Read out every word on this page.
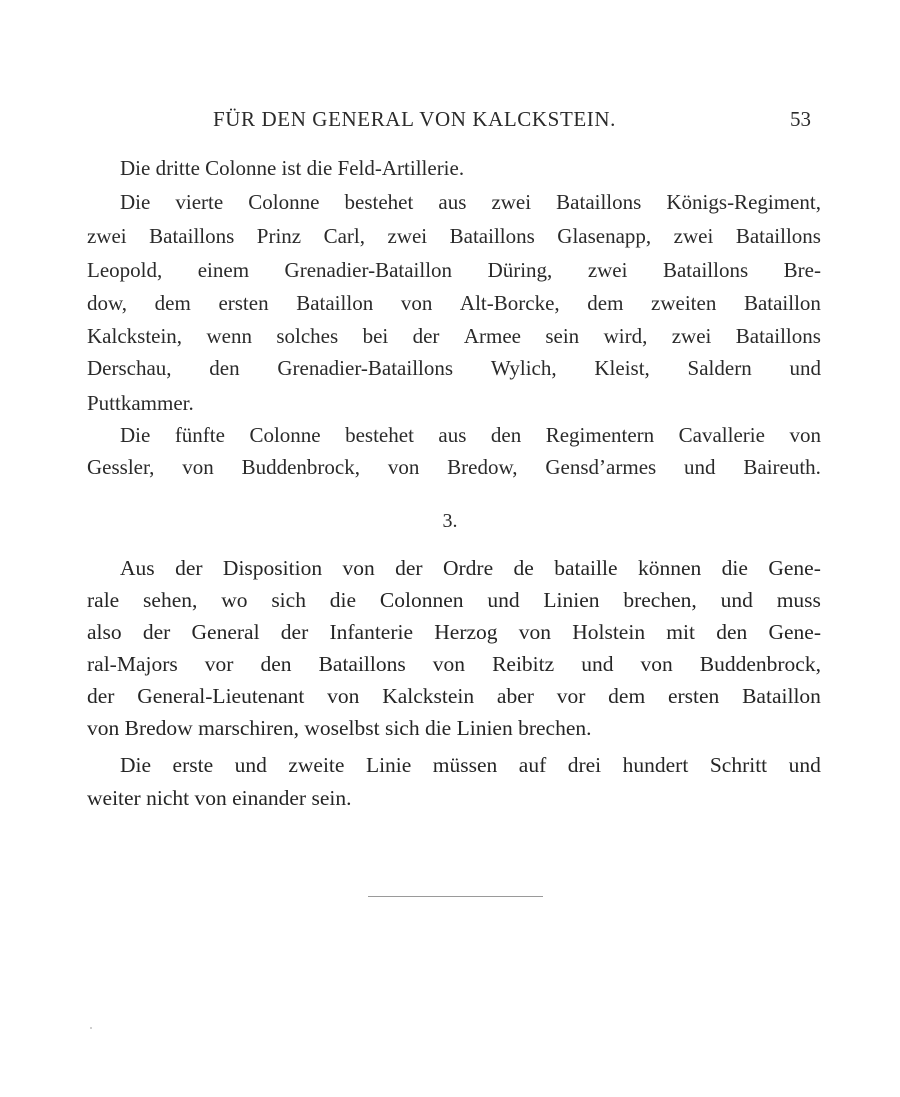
FÜR DEN GENERAL VON KALCKSTEIN.	53
Die dritte Colonne ist die Feld-Artillerie.
Die vierte Colonne bestehet aus zwei Bataillons Königs-Regiment,
zwei Bataillons Prinz Carl, zwei Bataillons Glasenapp, zwei Bataillons
Leopold, einem Grenadier-Bataillon Düring, zwei Bataillons Bre-
dow, dem ersten Bataillon von Alt-Borcke, dem zweiten Bataillon
Kalckstein, wenn solches bei der Armee sein wird, zwei Bataillons
Derschau, den Grenadier-Bataillons Wylich, Kleist, Saldern und
Puttkammer.
Die fünfte Colonne bestehet aus den Regimentern Cavallerie von
Gessler, von Buddenbrock, von Bredow, Gensd’armes und Baireuth.
3.
Aus der Disposition von der Ordre de bataille können die Gene-
rale sehen, wo sich die Colonnen und Linien brechen, und muss
also der General der Infanterie Herzog von Holstein mit den Gene-
ral-Majors vor den Bataillons von Reibitz und von Buddenbrock,
der General-Lieutenant von Kalckstein aber vor dem ersten Bataillon
von Bredow marschiren, woselbst sich die Linien brechen.
Die erste und zweite Linie müssen auf drei hundert Schritt und
weiter nicht von einander sein.
